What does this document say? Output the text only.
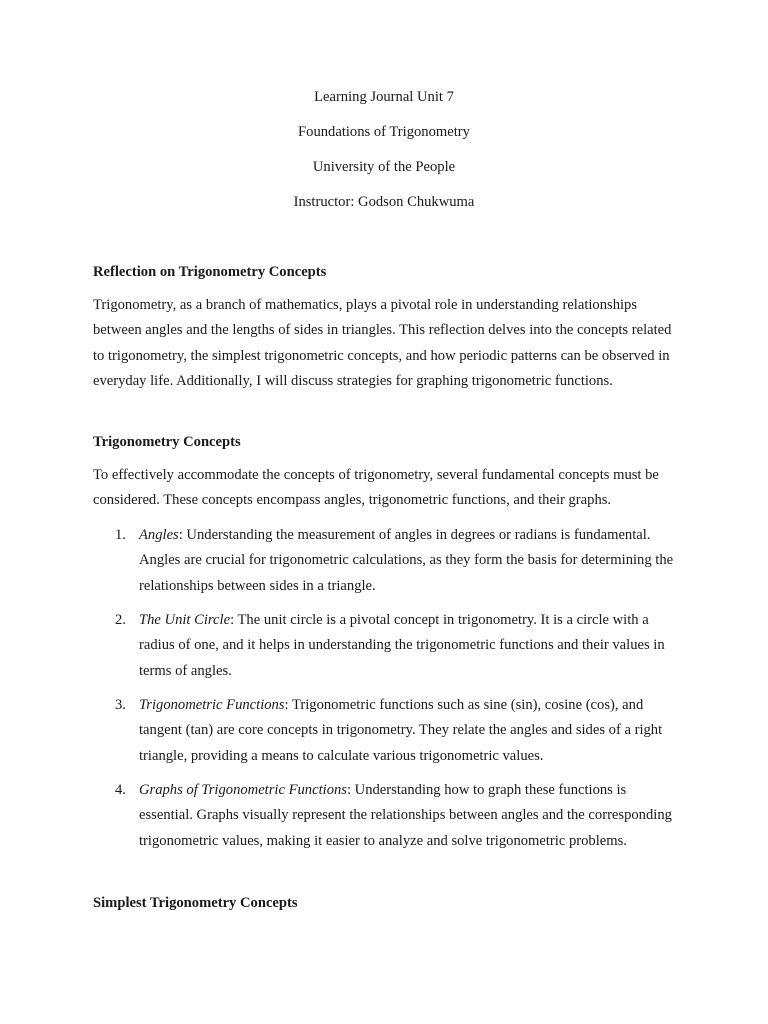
Learning Journal Unit 7
Foundations of Trigonometry
University of the People
Instructor: Godson Chukwuma
Reflection on Trigonometry Concepts
Trigonometry, as a branch of mathematics, plays a pivotal role in understanding relationships between angles and the lengths of sides in triangles. This reflection delves into the concepts related to trigonometry, the simplest trigonometric concepts, and how periodic patterns can be observed in everyday life. Additionally, I will discuss strategies for graphing trigonometric functions.
Trigonometry Concepts
To effectively accommodate the concepts of trigonometry, several fundamental concepts must be considered. These concepts encompass angles, trigonometric functions, and their graphs.
1. Angles: Understanding the measurement of angles in degrees or radians is fundamental. Angles are crucial for trigonometric calculations, as they form the basis for determining the relationships between sides in a triangle.
2. The Unit Circle: The unit circle is a pivotal concept in trigonometry. It is a circle with a radius of one, and it helps in understanding the trigonometric functions and their values in terms of angles.
3. Trigonometric Functions: Trigonometric functions such as sine (sin), cosine (cos), and tangent (tan) are core concepts in trigonometry. They relate the angles and sides of a right triangle, providing a means to calculate various trigonometric values.
4. Graphs of Trigonometric Functions: Understanding how to graph these functions is essential. Graphs visually represent the relationships between angles and the corresponding trigonometric values, making it easier to analyze and solve trigonometric problems.
Simplest Trigonometry Concepts
